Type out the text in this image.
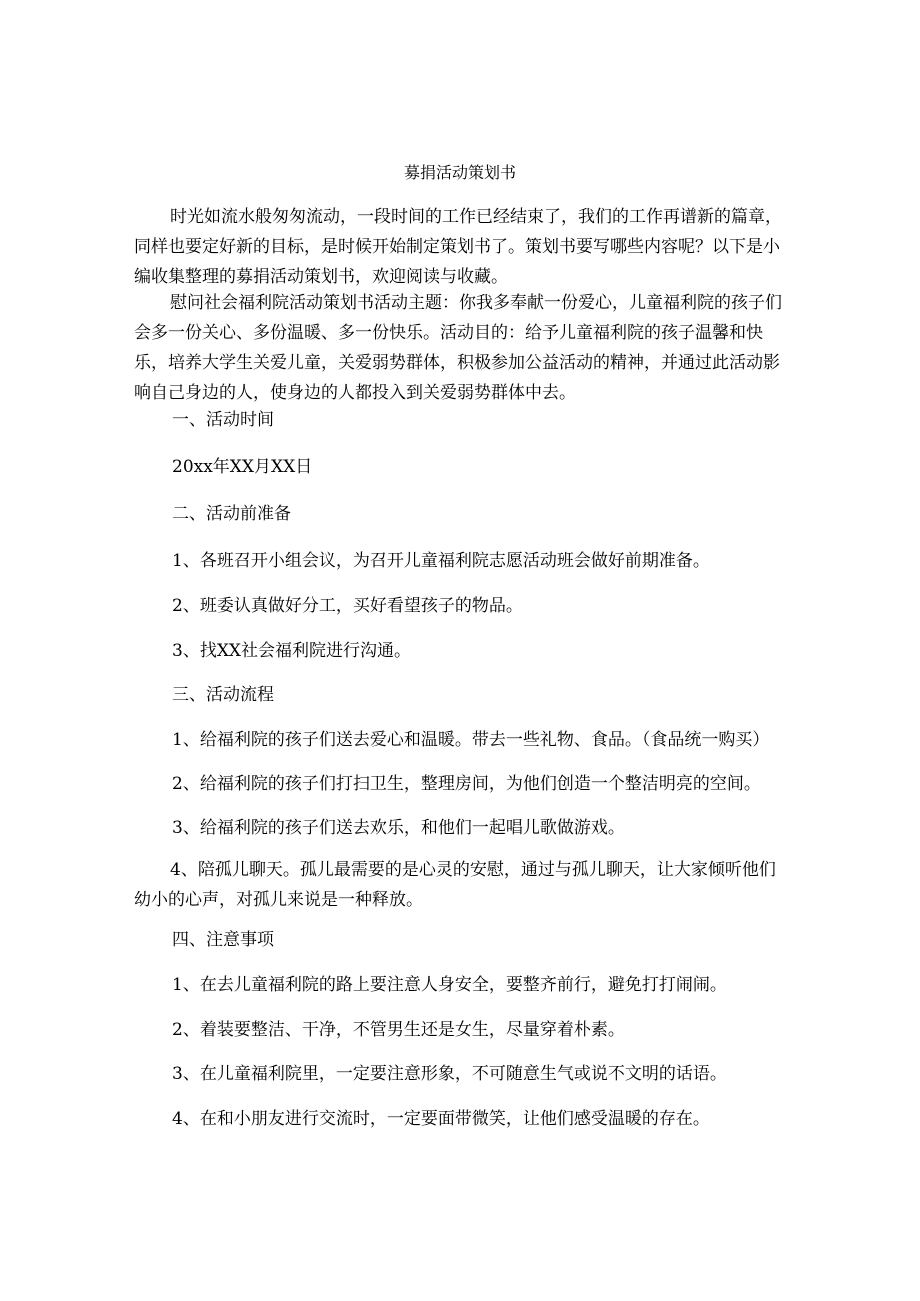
募捐活动策划书
时光如流水般匆匆流动，一段时间的工作已经结束了，我们的工作再谱新的篇章，同样也要定好新的目标，是时候开始制定策划书了。策划书要写哪些内容呢？以下是小编收集整理的募捐活动策划书，欢迎阅读与收藏。
慰问社会福利院活动策划书活动主题：你我多奉献一份爱心，儿童福利院的孩子们会多一份关心、多份温暖、多一份快乐。活动目的：给予儿童福利院的孩子温馨和快乐，培养大学生关爱儿童，关爱弱势群体，积极参加公益活动的精神，并通过此活动影响自己身边的人，使身边的人都投入到关爱弱势群体中去。
一、活动时间
20xx年XX月XX日
二、活动前准备
1、各班召开小组会议，为召开儿童福利院志愿活动班会做好前期准备。
2、班委认真做好分工，买好看望孩子的物品。
3、找XX社会福利院进行沟通。
三、活动流程
1、给福利院的孩子们送去爱心和温暖。带去一些礼物、食品。（食品统一购买）
2、给福利院的孩子们打扫卫生，整理房间，为他们创造一个整洁明亮的空间。
3、给福利院的孩子们送去欢乐，和他们一起唱儿歌做游戏。
4、陪孤儿聊天。孤儿最需要的是心灵的安慰，通过与孤儿聊天，让大家倾听他们幼小的心声，对孤儿来说是一种释放。
四、注意事项
1、在去儿童福利院的路上要注意人身安全，要整齐前行，避免打打闹闹。
2、着装要整洁、干净，不管男生还是女生，尽量穿着朴素。
3、在儿童福利院里，一定要注意形象，不可随意生气或说不文明的话语。
4、在和小朋友进行交流时，一定要面带微笑，让他们感受温暖的存在。
